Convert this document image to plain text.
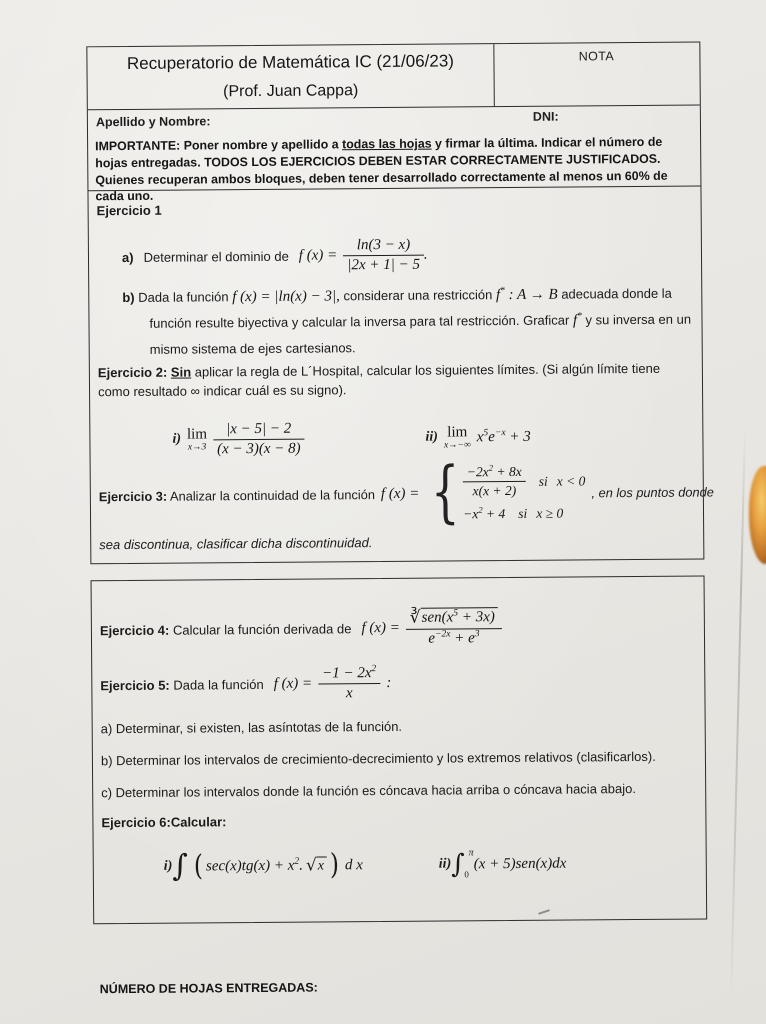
Recuperatorio de Matemática IC (21/06/23)
(Prof. Juan Cappa)
NOTA
Apellido y Nombre:	DNI:
IMPORTANTE: Poner nombre y apellido a todas las hojas y firmar la última. Indicar el número de hojas entregadas. TODOS LOS EJERCICIOS DEBEN ESTAR CORRECTAMENTE JUSTIFICADOS. Quienes recuperan ambos bloques, deben tener desarrollado correctamente al menos un 60% de cada uno.
Ejercicio 1
a) Determinar el dominio de f $(x) = \frac{\ln(3 - x)}{|2x + 1| - 5}$ .
b) Dada la función f (x) = |ln(x) − 3|, considerar una restricción f* : A → B adecuada donde la función resulte biyectiva y calcular la inversa para tal restricción. Graficar f* y su inversa en un mismo sistema de ejes cartesianos.
Ejercicio 2: Sin aplicar la regla de L´Hospital, calcular los siguientes límites. (Si algún límite tiene como resultado ∞ indicar cuál es su signo).
i) lim
$x\to 3 \frac{|x - 5| - 2}{(x - 3)(x - 8)}$	ii) lim
x→−∞
$x^5e^{-x} + 3$
Ejercicio 3: Analizar la continuidad de la función f (x) = { $\frac{-2x^2 + 8x}{x(x + 2)}$ si x < 0
$-x^2 + 4$ si x ≥ 0
, en los puntos donde
sea discontinua, clasificar dicha discontinuidad.
Ejercicio 4: Calcular la función derivada de f $(x) = \frac{∛ sen(x^5 + 3x)}{e^{-2x} + e^3}$
Ejercicio 5: Dada la función f $(x) = \frac{-1 - 2x^2}{x}$ :
a) Determinar, si existen, las asíntotas de la función.
b) Determinar los intervalos de crecimiento-decrecimiento y los extremos relativos (clasificarlos).
c) Determinar los intervalos donde la función es cóncava hacia arriba o cóncava hacia abajo.
Ejercicio 6:Calcular:
i) ∫ ( $\sec(x)tg(x) + x^2$. √ x ) d x	ii) ∫ π
0
(x + 5)sen(x)dx
NÚMERO DE HOJAS ENTREGADAS:
